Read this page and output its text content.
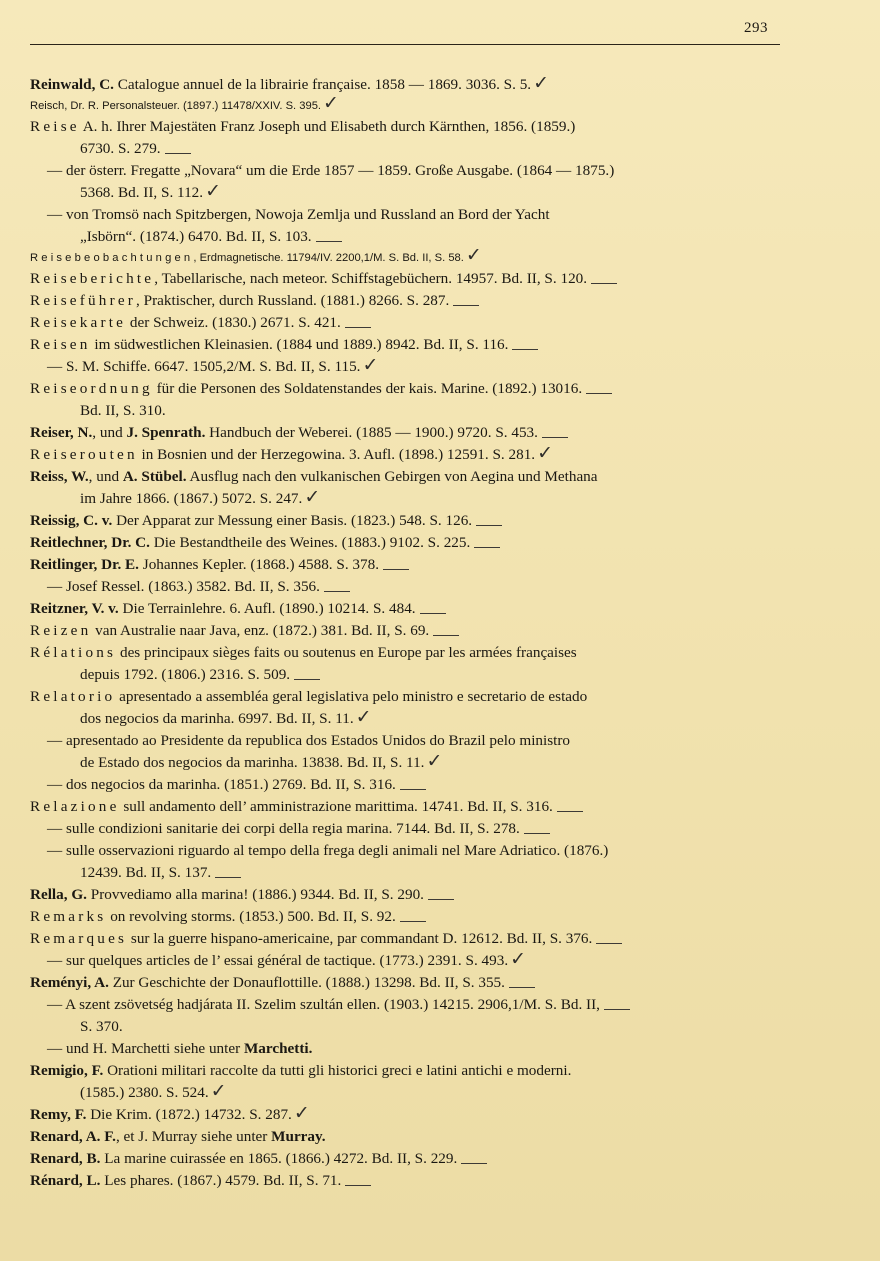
293
Reinwald, C. Catalogue annuel de la librairie française. 1858 — 1869. 3036. S. 5. ✓
Reisch, Dr. R. Personalsteuer. (1897.) 11478/XXIV. S. 395. ✓
Reise A. h. Ihrer Majestäten Franz Joseph und Elisabeth durch Kärnthen, 1856. (1859.)
6730. S. 279.
— der österr. Fregatte „Novara“ um die Erde 1857 — 1859. Große Ausgabe. (1864 — 1875.)
5368. Bd. II, S. 112. ✓
— von Tromsö nach Spitzbergen, Nowoja Zemlja und Russland an Bord der Yacht
„Isbörn“. (1874.) 6470. Bd. II, S. 103.
Reisebeobachtungen, Erdmagnetische. 11794/IV. 2200,1/M. S. Bd. II, S. 58. ✓
Reiseberichte, Tabellarische, nach meteor. Schiffstagebüchern. 14957. Bd. II, S. 120.
Reiseführer, Praktischer, durch Russland. (1881.) 8266. S. 287.
Reisekarte der Schweiz. (1830.) 2671. S. 421.
Reisen im südwestlichen Kleinasien. (1884 und 1889.) 8942. Bd. II, S. 116.
— S. M. Schiffe. 6647. 1505,2/M. S. Bd. II, S. 115. ✓
Reiseordnung für die Personen des Soldatenstandes der kais. Marine. (1892.) 13016.
Bd. II, S. 310.
Reiser, N., und J. Spenrath. Handbuch der Weberei. (1885 — 1900.) 9720. S. 453.
Reiserouten in Bosnien und der Herzegowina. 3. Aufl. (1898.) 12591. S. 281. ✓
Reiss, W., und A. Stübel. Ausflug nach den vulkanischen Gebirgen von Aegina und Methana
im Jahre 1866. (1867.) 5072. S. 247. ✓
Reissig, C. v. Der Apparat zur Messung einer Basis. (1823.) 548. S. 126.
Reitlechner, Dr. C. Die Bestandtheile des Weines. (1883.) 9102. S. 225.
Reitlinger, Dr. E. Johannes Kepler. (1868.) 4588. S. 378.
— Josef Ressel. (1863.) 3582. Bd. II, S. 356.
Reitzner, V. v. Die Terrainlehre. 6. Aufl. (1890.) 10214. S. 484.
Reizen van Australie naar Java, enz. (1872.) 381. Bd. II, S. 69.
Rélations des principaux sièges faits ou soutenus en Europe par les armées françaises
depuis 1792. (1806.) 2316. S. 509.
Relatorio apresentado a assembléa geral legislativa pelo ministro e secretario de estado
dos negocios da marinha. 6997. Bd. II, S. 11. ✓
— apresentado ao Presidente da republica dos Estados Unidos do Brazil pelo ministro
de Estado dos negocios da marinha. 13838. Bd. II, S. 11. ✓
— dos negocios da marinha. (1851.) 2769. Bd. II, S. 316.
Relazione sull andamento dell’ amministrazione marittima. 14741. Bd. II, S. 316.
— sulle condizioni sanitarie dei corpi della regia marina. 7144. Bd. II, S. 278.
— sulle osservazioni riguardo al tempo della fregа degli animali nel Mare Adriatico. (1876.)
12439. Bd. II, S. 137.
Rella, G. Provvediamo alla marina! (1886.) 9344. Bd. II, S. 290.
Remarks on revolving storms. (1853.) 500. Bd. II, S. 92.
Remarques sur la guerre hispano-americaine, par commandant D. 12612. Bd. II, S. 376.
— sur quelques articles de l’ essai général de tactique. (1773.) 2391. S. 493. ✓
Reményi, A. Zur Geschichte der Donauflottille. (1888.) 13298. Bd. II, S. 355.
— A szent zsövetség hadjárata II. Szelim szultán ellen. (1903.) 14215. 2906,1/M. S. Bd. II,
S. 370.
— und H. Marchetti siehe unter Marchetti.
Remigio, F. Orationi militari raccolte da tutti gli historici greci e latini antichi e moderni.
(1585.) 2380. S. 524. ✓
Remy, F. Die Krim. (1872.) 14732. S. 287. ✓
Renard, A. F., et J. Murray siehe unter Murray.
Renard, B. La marine cuirassée en 1865. (1866.) 4272. Bd. II, S. 229.
Rénard, L. Les phares. (1867.) 4579. Bd. II, S. 71.
